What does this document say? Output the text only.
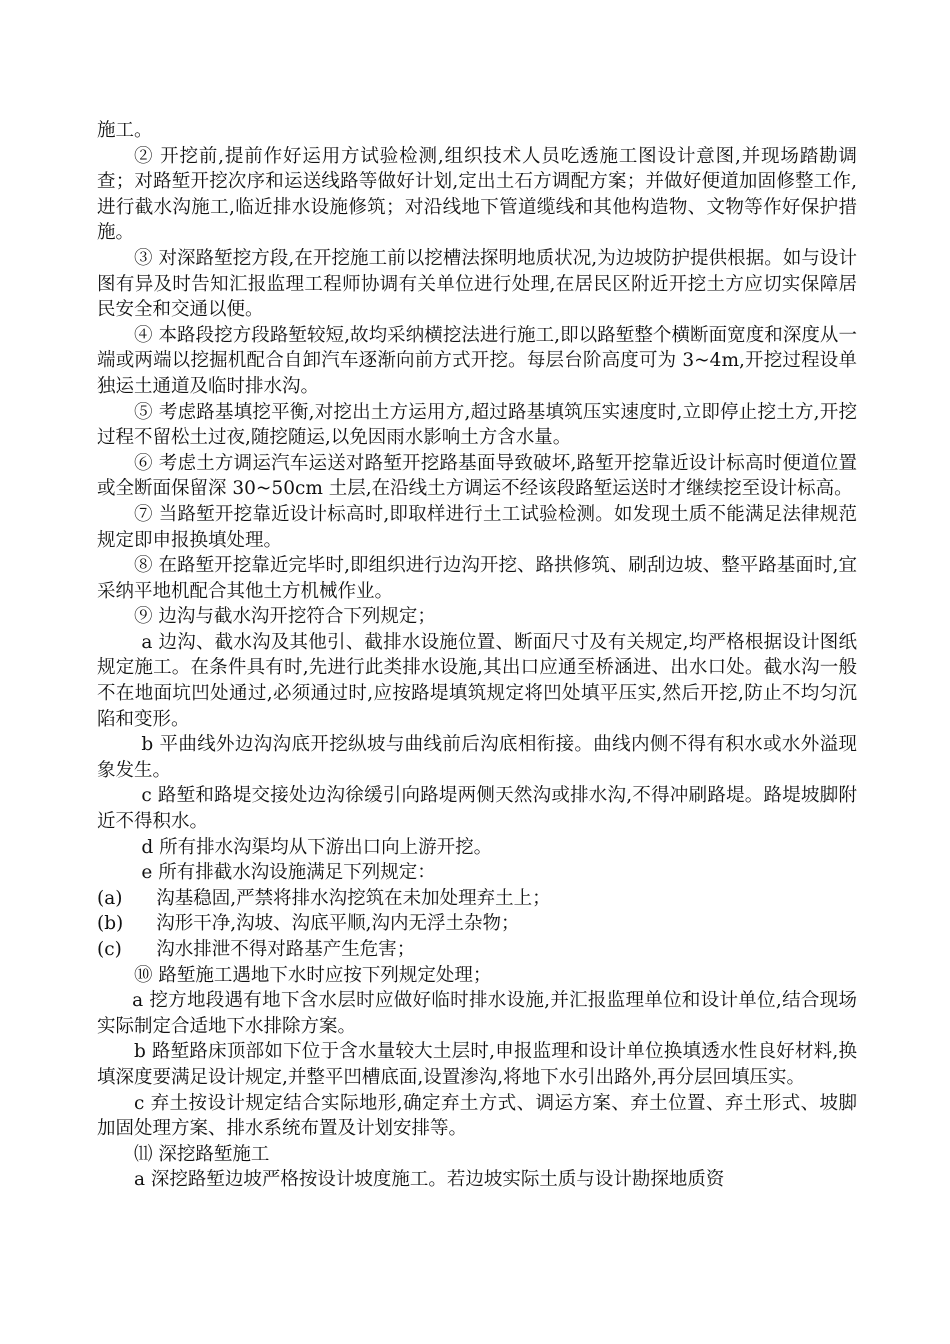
施工。

② 开挖前,提前作好运用方试验检测,组织技术人员吃透施工图设计意图,并现场踏勘调查；对路堑开挖次序和运送线路等做好计划,定出土石方调配方案；并做好便道加固修整工作,进行截水沟施工,临近排水设施修筑；对沿线地下管道缆线和其他构造物、文物等作好保护措施。

③ 对深路堑挖方段,在开挖施工前以挖槽法探明地质状况,为边坡防护提供根据。如与设计图有异及时告知汇报监理工程师协调有关单位进行处理,在居民区附近开挖土方应切实保障居民安全和交通以便。

④ 本路段挖方段路堑较短,故均采纳横挖法进行施工,即以路堑整个横断面宽度和深度从一端或两端以挖掘机配合自卸汽车逐渐向前方式开挖。每层台阶高度可为 3~4m,开挖过程设单独运土通道及临时排水沟。

⑤ 考虑路基填挖平衡,对挖出土方运用方,超过路基填筑压实速度时,立即停止挖土方,开挖过程不留松土过夜,随挖随运,以免因雨水影响土方含水量。

⑥ 考虑土方调运汽车运送对路堑开挖路基面导致破坏,路堑开挖靠近设计标高时便道位置或全断面保留深 30~50cm 土层,在沿线土方调运不经该段路堑运送时才继续挖至设计标高。

⑦ 当路堑开挖靠近设计标高时,即取样进行土工试验检测。如发现土质不能满足法律规范规定即申报换填处理。

⑧ 在路堑开挖靠近完毕时,即组织进行边沟开挖、路拱修筑、刷刮边坡、整平路基面时,宜采纳平地机配合其他土方机械作业。

⑨ 边沟与截水沟开挖符合下列规定；

a 边沟、截水沟及其他引、截排水设施位置、断面尺寸及有关规定,均严格根据设计图纸规定施工。在条件具有时,先进行此类排水设施,其出口应通至桥涵进、出水口处。截水沟一般不在地面坑凹处通过,必须通过时,应按路堤填筑规定将凹处填平压实,然后开挖,防止不均匀沉陷和变形。

b 平曲线外边沟沟底开挖纵坡与曲线前后沟底相衔接。曲线内侧不得有积水或水外溢现象发生。

c 路堑和路堤交接处边沟徐缓引向路堤两侧天然沟或排水沟,不得冲刷路堤。路堤坡脚附近不得积水。

d 所有排水沟渠均从下游出口向上游开挖。

e 所有排截水沟设施满足下列规定：

(a) 沟基稳固,严禁将排水沟挖筑在未加处理弃土上；

(b) 沟形干净,沟坡、沟底平顺,沟内无浮土杂物；

(c) 沟水排泄不得对路基产生危害；

⑩ 路堑施工遇地下水时应按下列规定处理；

a 挖方地段遇有地下含水层时应做好临时排水设施,并汇报监理单位和设计单位,结合现场实际制定合适地下水排除方案。

b 路堑路床顶部如下位于含水量较大土层时,申报监理和设计单位换填透水性良好材料,换填深度要满足设计规定,并整平凹槽底面,设置渗沟,将地下水引出路外,再分层回填压实。

c 弃土按设计规定结合实际地形,确定弃土方式、调运方案、弃土位置、弃土形式、坡脚加固处理方案、排水系统布置及计划安排等。

⑾ 深挖路堑施工

a 深挖路堑边坡严格按设计坡度施工。若边坡实际土质与设计勘探地质资
